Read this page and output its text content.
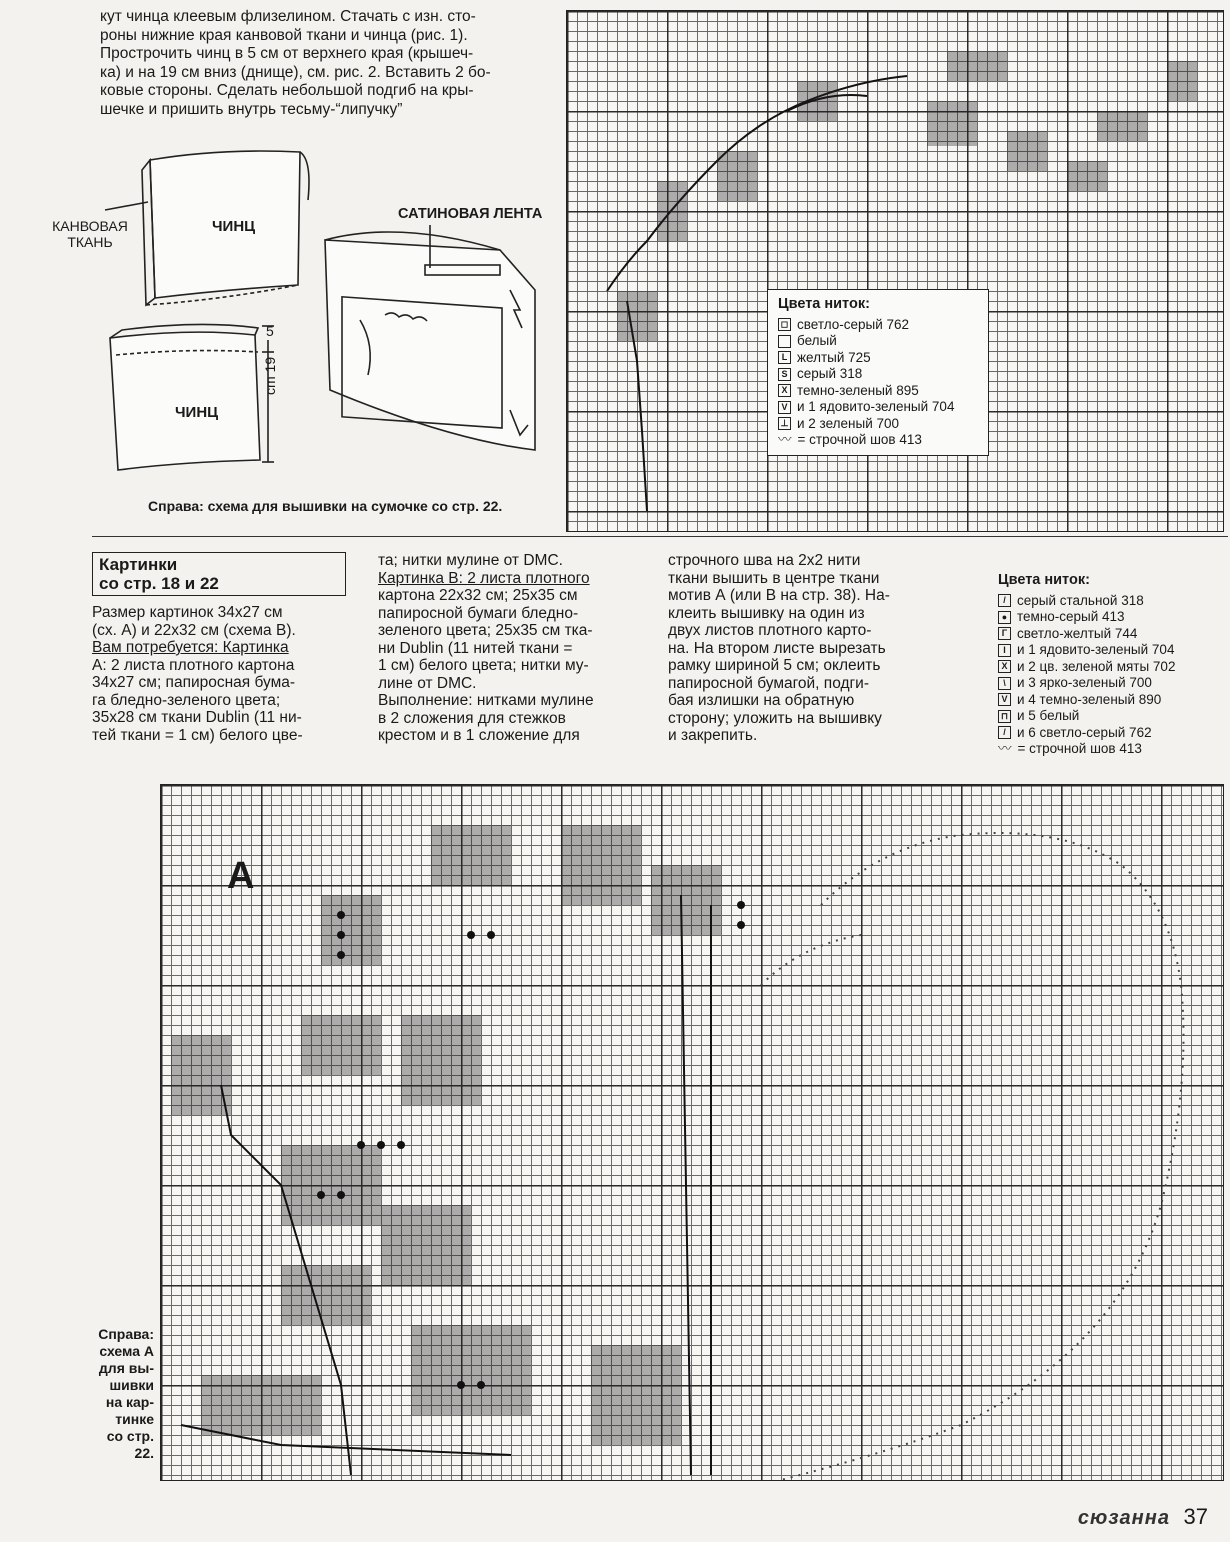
кут чинца клеевым флизелином. Стачать с изн. сто-
роны нижние края канвовой ткани и чинца (рис. 1).
Прострочить чинц в 5 см от верхнего края (крышеч-
ка) и на 19 см вниз (днище), см. рис. 2. Вставить 2 бо-
ковые стороны. Сделать небольшой подгиб на кры-
шечке и пришить внутрь тесьму-“липучку”
КАНВОВАЯ ТКАНЬ
ЧИНЦ
ЧИНЦ
5
cm 19
САТИНОВАЯ ЛЕНТА
Справа: схема для вышивки на сумочке со стр. 22.
Цвета ниток:
◻ светло-серый 762
белый
L желтый 725
S серый 318
X темно-зеленый 895
V и 1 ядовито-зеленый 704
⊥ и 2 зеленый 700
〰 = строчной шов 413
Картинки
со стр. 18 и 22
Размер картинок 34х27 см
(сх. А) и 22х32 см (схема В).
Вам потребуется: Картинка
А: 2 листа плотного картона
34х27 см; папиросная бума-
га бледно-зеленого цвета;
35х28 см ткани Dublin (11 ни-
тей ткани = 1 см) белого цве-
та; нитки мулине от DMC.
Картинка В: 2 листа плотного
картона 22х32 см; 25х35 см
папиросной бумаги бледно-
зеленого цвета; 25х35 см тка-
ни Dublin (11 нитей ткани =
1 см) белого цвета; нитки му-
лине от DMC.
Выполнение: нитками мулине
в 2 сложения для стежков
крестом и в 1 сложение для
строчного шва на 2х2 нити
ткани вышить в центре ткани
мотив А (или В на стр. 38). На-
клеить вышивку на один из
двух листов плотного карто-
на. На втором листе вырезать
рамку шириной 5 см; оклеить
папиросной бумагой, подги-
бая излишки на обратную
сторону; уложить на вышивку
и закрепить.
Цвета ниток:
/ серый стальной 318
● темно-серый 413
Γ светло-желтый 744
I и 1 ядовито-зеленый 704
X и 2 цв. зеленой мяты 702
\ и 3 ярко-зеленый 700
V и 4 темно-зеленый 890
⊓ и 5 белый
/ и 6 светло-серый 762
〰 = строчной шов 413
А
Справа:
схема А
для вы-
шивки
на кар-
тинке
со стр.
22.
сюзанна 37
